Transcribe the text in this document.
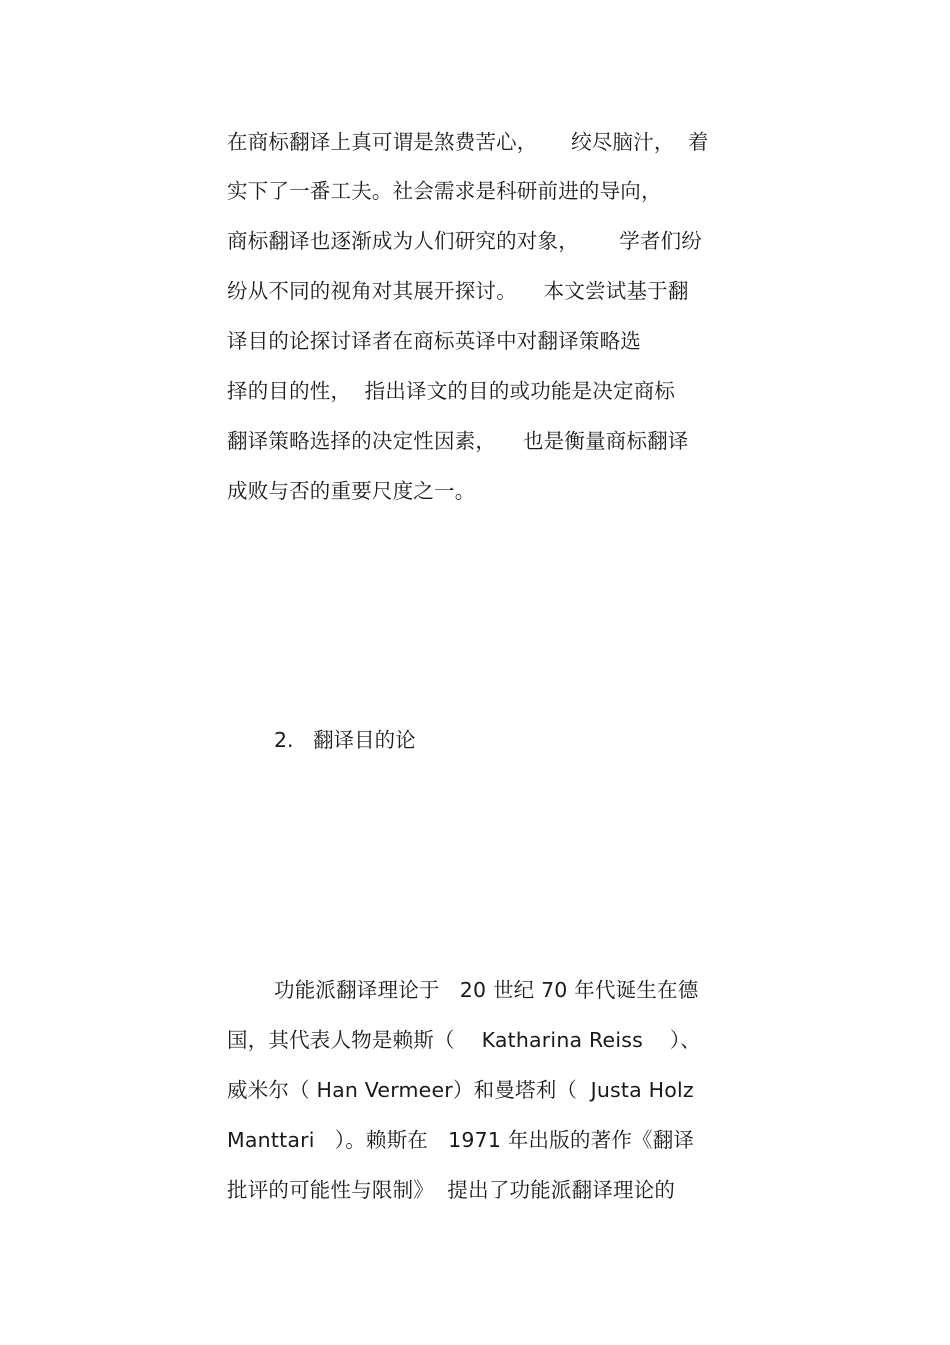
在商标翻译上真可谓是煞费苦心，     绞尽脑汁，  着
实下了一番工夫。社会需求是科研前进的导向，
商标翻译也逐渐成为人们研究的对象，      学者们纷
纷从不同的视角对其展开探讨。    本文尝试基于翻
译目的论探讨译者在商标英译中对翻译策略选
择的目的性，  指出译文的目的或功能是决定商标
翻译策略选择的决定性因素，    也是衡量商标翻译
成败与否的重要尺度之一。
2.   翻译目的论
功能派翻译理论于   20 世纪 70 年代诞生在德
国，其代表人物是赖斯（    Katharina Reiss    ）、
威米尔（ Han Vermeer）和曼塔利（  Justa Holz
Manttari   ）。赖斯在   1971 年出版的著作《翻译
批评的可能性与限制》  提出了功能派翻译理论的
